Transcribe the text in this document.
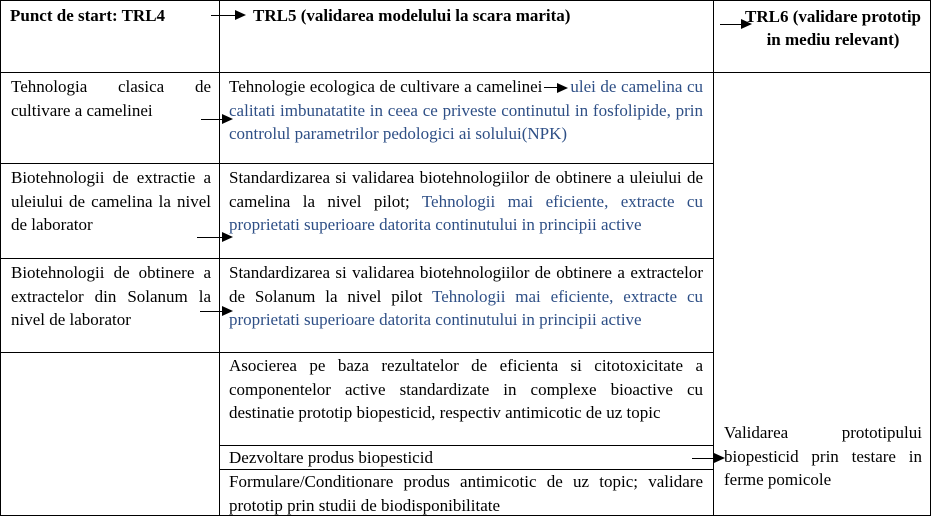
Punct de start: TRL4	TRL5 (validarea modelului la scara marita)	TRL6 (validare prototip in mediu relevant)
Tehnologia clasica de cultivare a camelinei
Tehnologie ecologica de cultivare a camelinei ulei de camelina cu calitati imbunatatite in ceea ce priveste continutul in fosfolipide, prin controlul parametrilor pedologici ai solului(NPK)
Biotehnologii de extractie a uleiului de camelina la nivel de laborator
Standardizarea si validarea biotehnologiilor de obtinere a uleiului de camelina la nivel pilot; Tehnologii mai eficiente, extracte cu proprietati superioare datorita continutului in principii active
Biotehnologii de obtinere a extractelor din Solanum la nivel de laborator
Standardizarea si validarea biotehnologiilor de obtinere a extractelor de Solanum la nivel pilot Tehnologii mai eficiente, extracte cu proprietati superioare datorita continutului in principii active
Asocierea pe baza rezultatelor de eficienta si citotoxicitate a componentelor active standardizate in complexe bioactive cu destinatie prototip biopesticid, respectiv antimicotic de uz topic
Dezvoltare produs biopesticid
Formulare/Conditionare produs antimicotic de uz topic; validare prototip prin studii de biodisponibilitate
Validarea prototipului biopesticid prin testare in ferme pomicole
